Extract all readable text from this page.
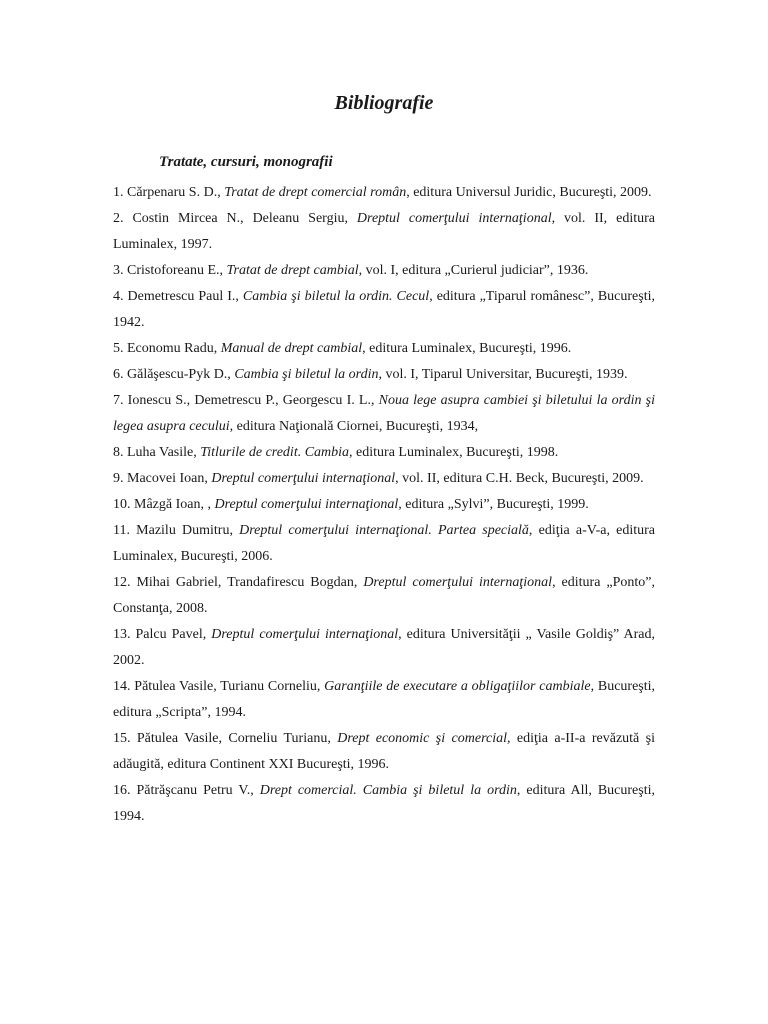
Bibliografie
Tratate, cursuri, monografii
1. Cărpenaru S. D., Tratat de drept comercial român, editura Universul Juridic, Bucureşti, 2009.
2. Costin Mircea N., Deleanu Sergiu, Dreptul comerţului internaţional, vol. II, editura Luminalex, 1997.
3. Cristoforeanu E., Tratat de drept cambial, vol. I, editura „Curierul judiciar”, 1936.
4. Demetrescu Paul I., Cambia şi biletul la ordin. Cecul, editura „Tiparul românesc”, Bucureşti, 1942.
5. Economu Radu, Manual de drept cambial, editura Luminalex, Bucureşti, 1996.
6. Gălăşescu-Pyk D., Cambia şi biletul la ordin, vol. I, Tiparul Universitar, Bucureşti, 1939.
7. Ionescu S., Demetrescu P., Georgescu I. L., Noua lege asupra cambiei şi biletului la ordin şi legea asupra cecului, editura Naţională Ciornei, Bucureşti, 1934,
8. Luha Vasile, Titlurile de credit. Cambia, editura Luminalex, Bucureşti, 1998.
9. Macovei Ioan, Dreptul comerţului internaţional, vol. II, editura C.H. Beck, Bucureşti, 2009.
10. Mâzgă Ioan, , Dreptul comerţului internaţional, editura „Sylvi”, Bucureşti, 1999.
11. Mazilu Dumitru, Dreptul comerţului internaţional. Partea specială, ediţia a-V-a, editura Luminalex, Bucureşti, 2006.
12. Mihai Gabriel, Trandafirescu Bogdan, Dreptul comerţului internaţional, editura „Ponto”, Constanţa, 2008.
13. Palcu Pavel, Dreptul comerţului internaţional, editura Universităţii „ Vasile Goldiş” Arad, 2002.
14. Pătulea Vasile, Turianu Corneliu, Garanţiile de executare a obligaţiilor cambiale, Bucureşti, editura „Scripta”, 1994.
15. Pătulea Vasile, Corneliu Turianu, Drept economic şi comercial, ediţia a-II-a revăzută şi adăugită, editura Continent XXI Bucureşti, 1996.
16. Pătrăşcanu Petru V., Drept comercial. Cambia şi biletul la ordin, editura All, Bucureşti, 1994.
